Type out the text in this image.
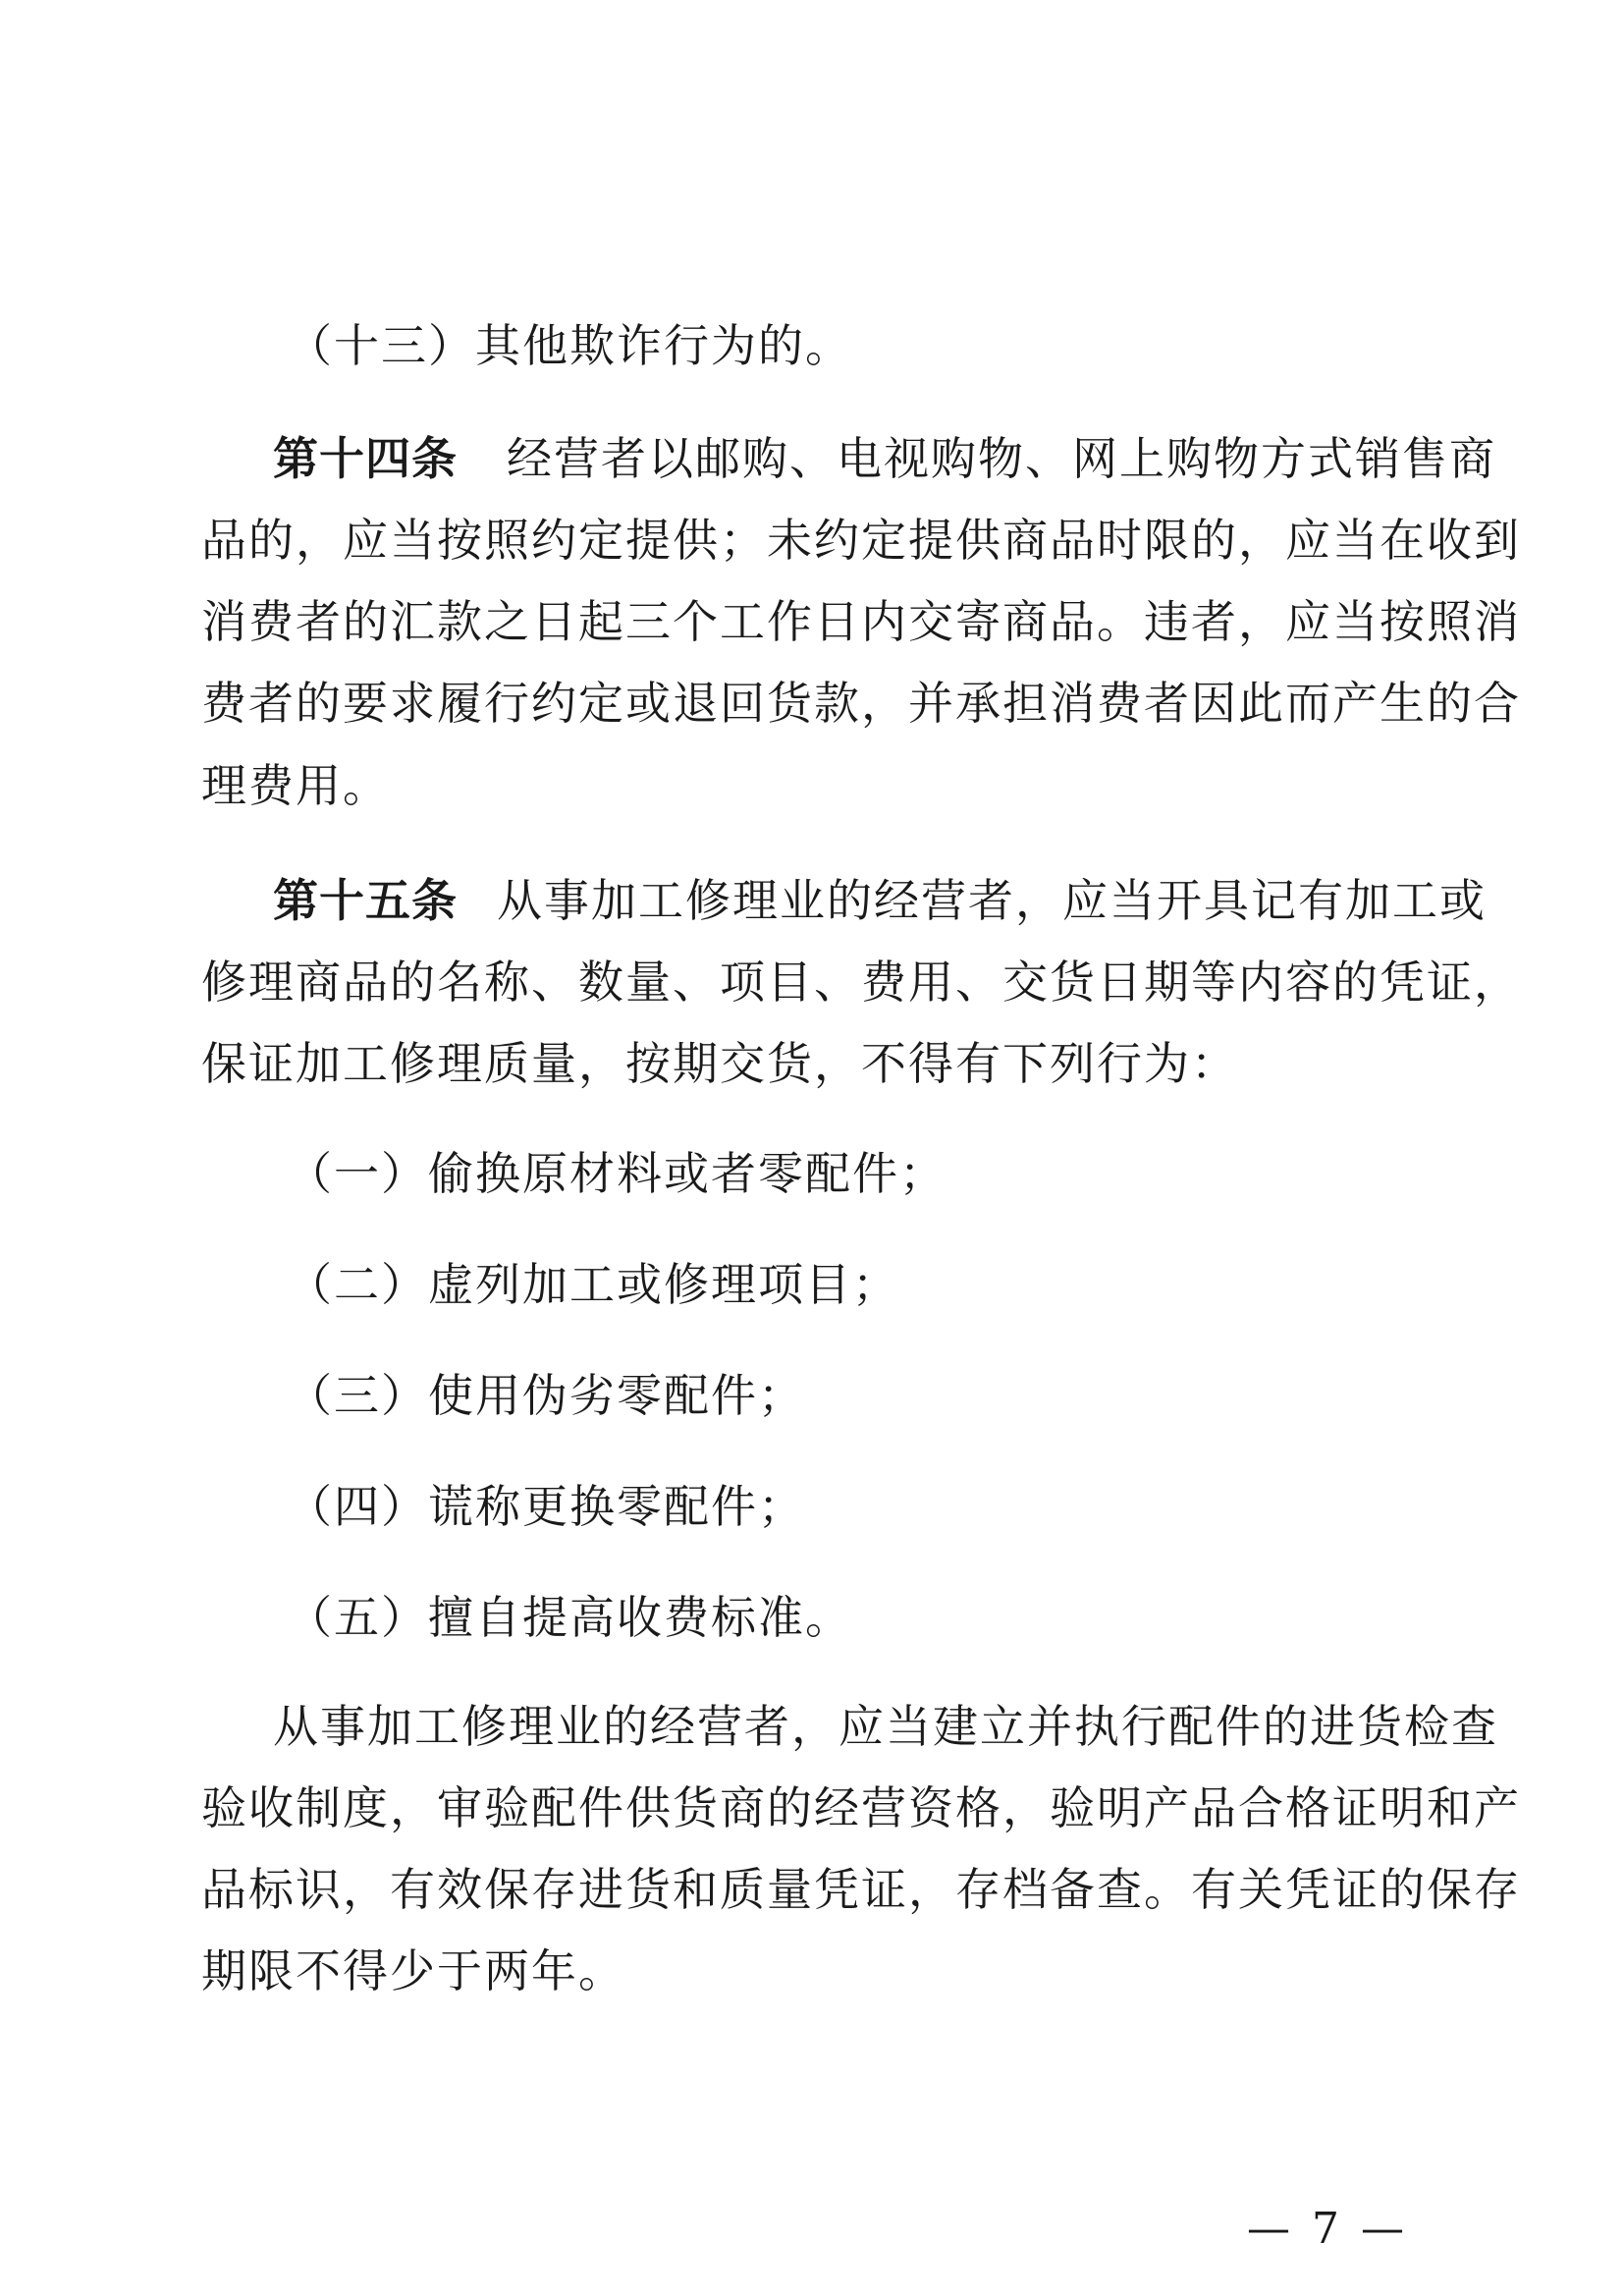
（十三）其他欺诈行为的。
第十四条 经营者以邮购、电视购物、网上购物方式销售商
品的，应当按照约定提供；未约定提供商品时限的，应当在收到
消费者的汇款之日起三个工作日内交寄商品。违者，应当按照消
费者的要求履行约定或退回货款，并承担消费者因此而产生的合
理费用。
第十五条 从事加工修理业的经营者，应当开具记有加工或
修理商品的名称、数量、项目、费用、交货日期等内容的凭证，
保证加工修理质量，按期交货，不得有下列行为：
（一）偷换原材料或者零配件；
（二）虚列加工或修理项目；
（三）使用伪劣零配件；
（四）谎称更换零配件；
（五）擅自提高收费标准。
从事加工修理业的经营者，应当建立并执行配件的进货检查
验收制度，审验配件供货商的经营资格，验明产品合格证明和产
品标识，有效保存进货和质量凭证，存档备查。有关凭证的保存
期限不得少于两年。
— 7 —
